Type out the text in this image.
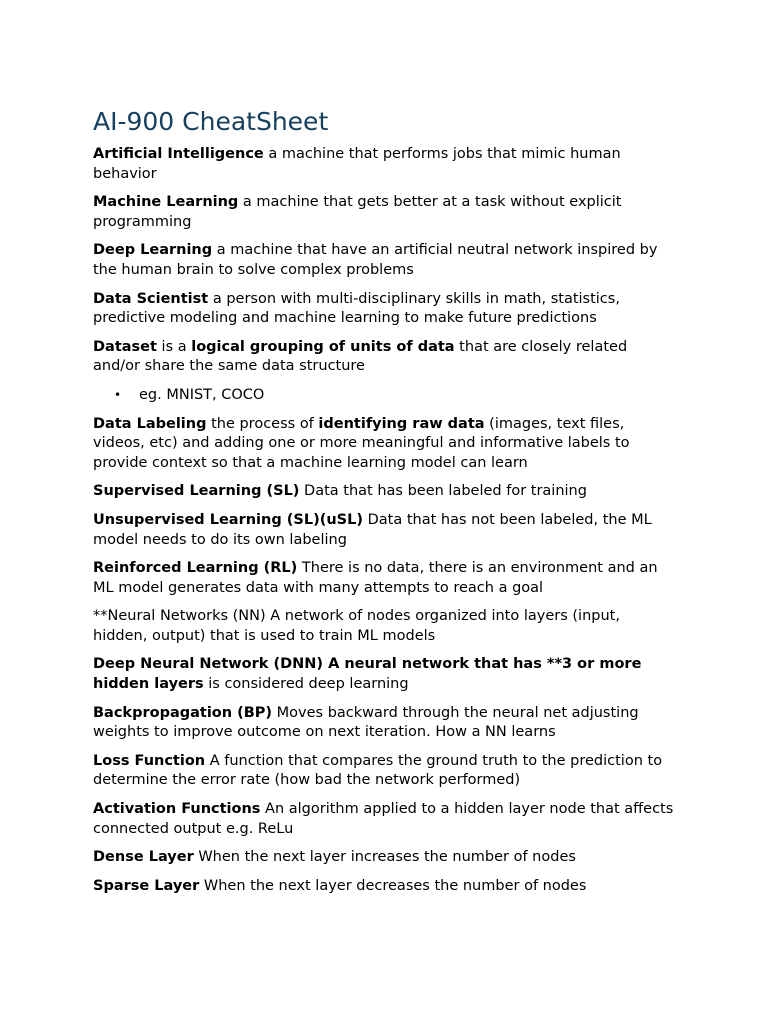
AI-900 CheatSheet

Artificial Intelligence a machine that performs jobs that mimic human behavior

Machine Learning a machine that gets better at a task without explicit programming

Deep Learning a machine that have an artificial neutral network inspired by the human brain to solve complex problems

Data Scientist a person with multi-disciplinary skills in math, statistics, predictive modeling and machine learning to make future predictions

Dataset is a logical grouping of units of data that are closely related and/or share the same data structure

• eg. MNIST, COCO

Data Labeling the process of identifying raw data (images, text files, videos, etc) and adding one or more meaningful and informative labels to provide context so that a machine learning model can learn

Supervised Learning (SL) Data that has been labeled for training

Unsupervised Learning (SL)(uSL) Data that has not been labeled, the ML model needs to do its own labeling

Reinforced Learning (RL) There is no data, there is an environment and an ML model generates data with many attempts to reach a goal

**Neural Networks (NN) A network of nodes organized into layers (input, hidden, output) that is used to train ML models

Deep Neural Network (DNN) A neural network that has **3 or more hidden layers is considered deep learning

Backpropagation (BP) Moves backward through the neural net adjusting weights to improve outcome on next iteration. How a NN learns

Loss Function A function that compares the ground truth to the prediction to determine the error rate (how bad the network performed)

Activation Functions An algorithm applied to a hidden layer node that affects connected output e.g. ReLu

Dense Layer When the next layer increases the number of nodes

Sparse Layer When the next layer decreases the number of nodes
